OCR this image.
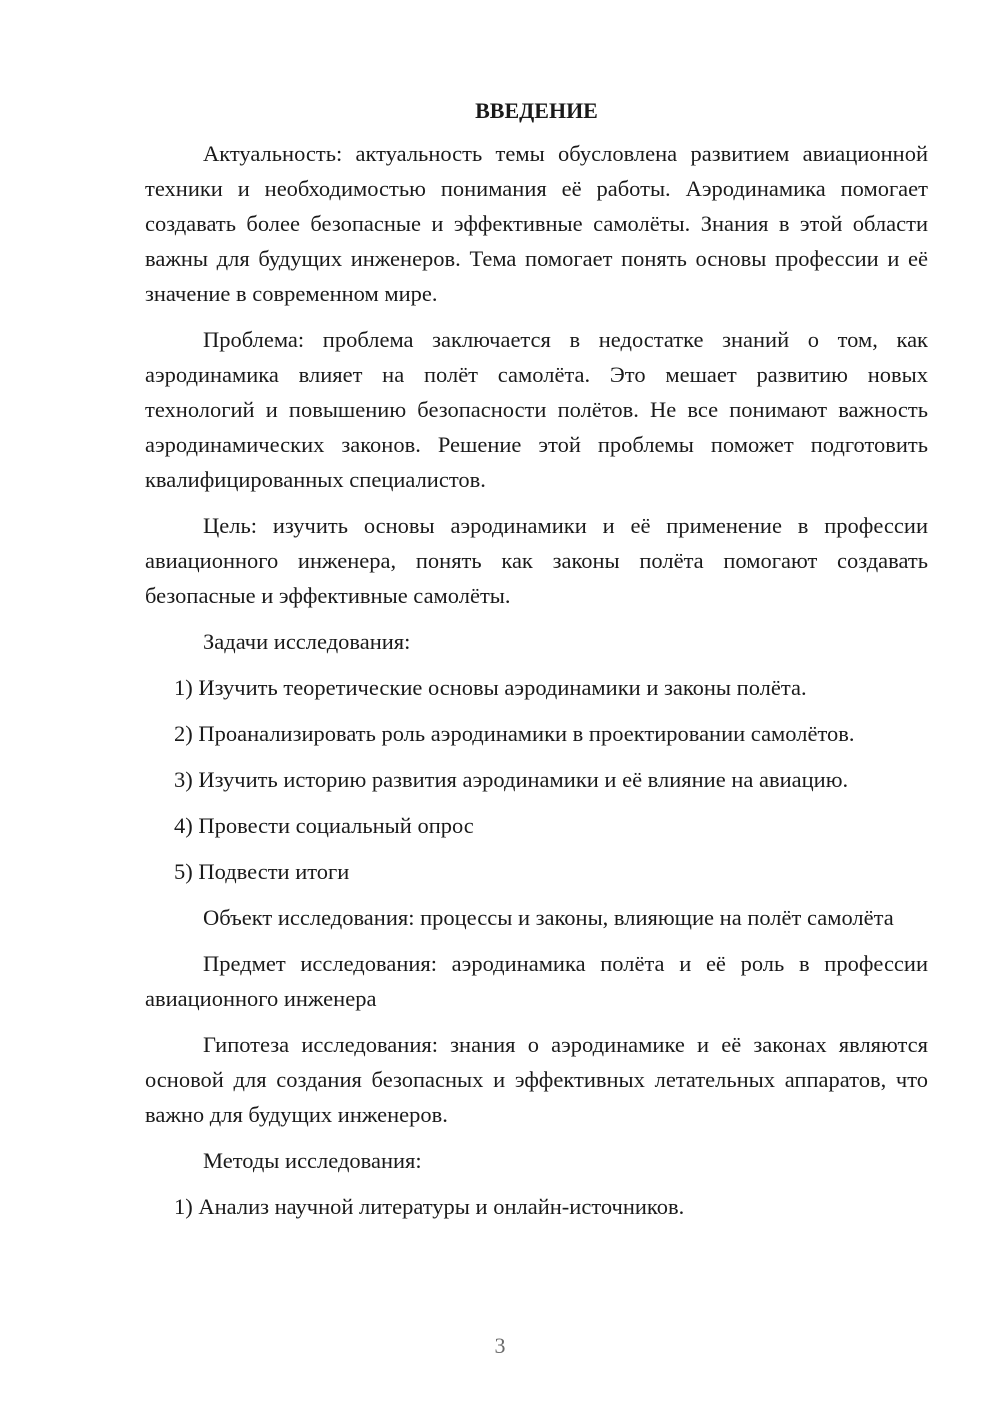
ВВЕДЕНИЕ

Актуальность: актуальность темы обусловлена развитием авиационной техники и необходимостью понимания её работы. Аэродинамика помогает создавать более безопасные и эффективные самолёты. Знания в этой области важны для будущих инженеров. Тема помогает понять основы профессии и её значение в современном мире.

Проблема: проблема заключается в недостатке знаний о том, как аэродинамика влияет на полёт самолёта. Это мешает развитию новых технологий и повышению безопасности полётов. Не все понимают важность аэродинамических законов. Решение этой проблемы поможет подготовить квалифицированных специалистов.

Цель: изучить основы аэродинамики и её применение в профессии авиационного инженера, понять как законы полёта помогают создавать безопасные и эффективные самолёты.

Задачи исследования:

1) Изучить теоретические основы аэродинамики и законы полёта.

2) Проанализировать роль аэродинамики в проектировании самолётов.

3) Изучить историю развития аэродинамики и её влияние на авиацию.

4) Провести социальный опрос

5) Подвести итоги

Объект исследования: процессы и законы, влияющие на полёт самолёта

Предмет исследования: аэродинамика полёта и её роль в профессии авиационного инженера

Гипотеза исследования: знания о аэродинамике и её законах являются основой для создания безопасных и эффективных летательных аппаратов, что важно для будущих инженеров.

Методы исследования:

1) Анализ научной литературы и онлайн-источников.

3
